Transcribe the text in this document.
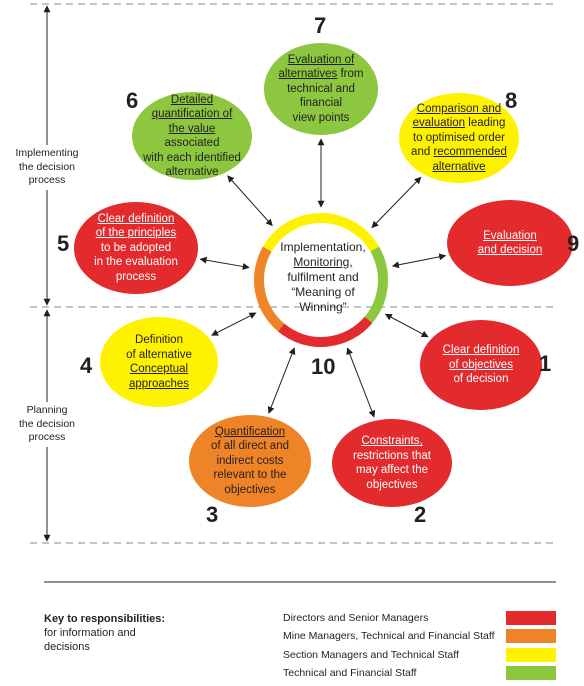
Implementing
the decision
process
Planning
the decision
process
Implementation,
Monitoring,
fulfilment and
“Meaning of
Winning”
10
Clear definition
of objectives
of decision
Constraints,
restrictions that
may affect the
objectives
Quantification
of all direct and
indirect costs
relevant to the
objectives
Definition
of alternative
Conceptual
approaches
Clear definition
of the principles
to be adopted
in the evaluation
process
Detailed
quantification of
the value associated
with each identified
alternative
Evaluation of
alternatives from
technical and
financial
view points
Comparison and
evaluation leading
to optimised order
and recommended
alternative
Evaluation
and decision
Key to responsibilities:
for information and decisions
Directors and Senior Managers
Mine Managers, Technical and Financial Staff
Section Managers and Technical Staff
Technical and Financial Staff
1
2
3
4
5
6
7
8
9
